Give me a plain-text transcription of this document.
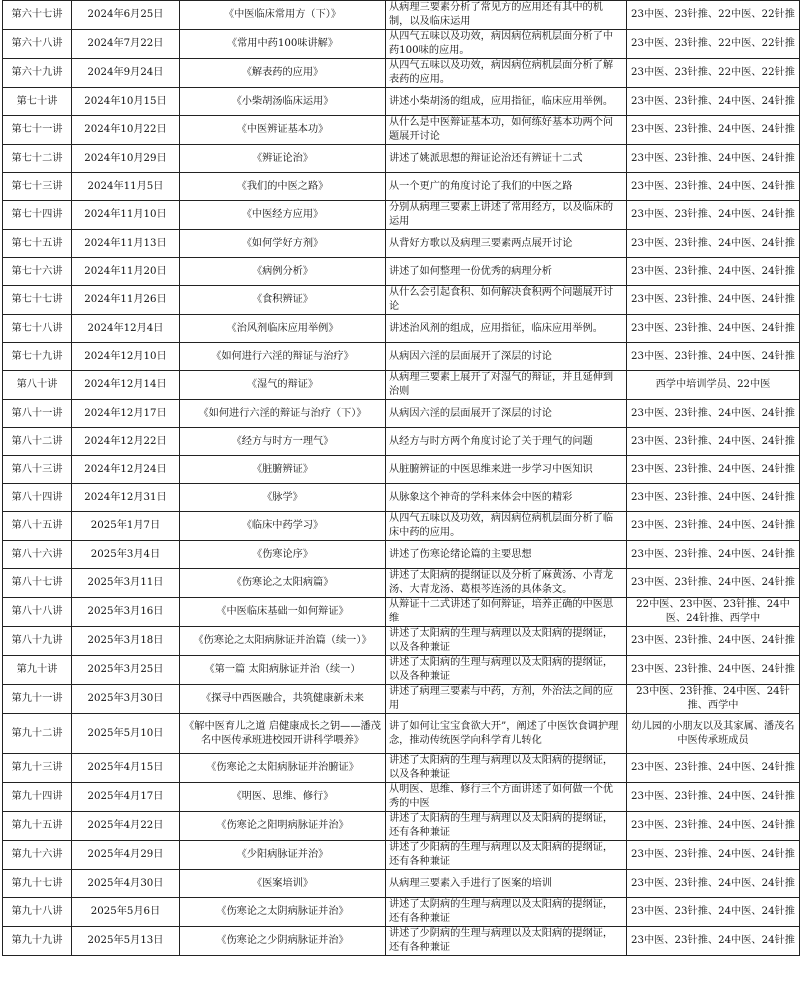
第六十七讲	2024年6月25日	《中医临床常用方（下）》	从病理三要素分析了常见方的应用还有其中的机制，以及临床运用	23中医、23针推、22中医、22针推
第六十八讲	2024年7月22日	《常用中药100味讲解》	从四气五味以及功效，病因病位病机层面分析了中药100味的应用。	23中医、23针推、22中医、22针推
第六十九讲	2024年9月24日	《解表药的应用》	从四气五味以及功效，病因病位病机层面分析了解表药的应用。	23中医、23针推、22中医、22针推
第七十讲	2024年10月15日	《小柴胡汤临床运用》	讲述小柴胡汤的组成，应用指征，临床应用举例。	23中医、23针推、24中医、24针推
第七十一讲	2024年10月22日	《中医辨证基本功》	从什么是中医辩证基本功，如何练好基本功两个问题展开讨论	23中医、23针推、24中医、24针推
第七十二讲	2024年10月29日	《辨证论治》	讲述了姚派思想的辩证论治还有辨证十二式	23中医、23针推、24中医、24针推
第七十三讲	2024年11月5日	《我们的中医之路》	从一个更广的角度讨论了我们的中医之路	23中医、23针推、24中医、24针推
第七十四讲	2024年11月10日	《中医经方应用》	分别从病理三要素上讲述了常用经方，以及临床的运用	23中医、23针推、24中医、24针推
第七十五讲	2024年11月13日	《如何学好方剂》	从背好方歌以及病理三要素两点展开讨论	23中医、23针推、24中医、24针推
第七十六讲	2024年11月20日	《病例分析》	讲述了如何整理一份优秀的病理分析	23中医、23针推、24中医、24针推
第七十七讲	2024年11月26日	《食积辨证》	从什么会引起食积、如何解决食积两个问题展开讨论	23中医、23针推、24中医、24针推
第七十八讲	2024年12月4日	《治风剂临床应用举例》	讲述治风剂的组成，应用指征，临床应用举例。	23中医、23针推、24中医、24针推
第七十九讲	2024年12月10日	《如何进行六淫的辩证与治疗》	从病因六淫的层面展开了深层的讨论	23中医、23针推、24中医、24针推
第八十讲	2024年12月14日	《湿气的辩证》	从病理三要素上展开了对湿气的辩证，并且延伸到治则	西学中培训学员、22中医
第八十一讲	2024年12月17日	《如何进行六淫的辩证与治疗（下）》	从病因六淫的层面展开了深层的讨论	23中医、23针推、24中医、24针推
第八十二讲	2024年12月22日	《经方与时方一理气》	从经方与时方两个角度讨论了关于理气的问题	23中医、23针推、24中医、24针推
第八十三讲	2024年12月24日	《脏腑辨证》	从脏腑辨证的中医思维来进一步学习中医知识	23中医、23针推、24中医、24针推
第八十四讲	2024年12月31日	《脉学》	从脉象这个神奇的学科来体会中医的精彩	23中医、23针推、24中医、24针推
第八十五讲	2025年1月7日	《临床中药学习》	从四气五味以及功效，病因病位病机层面分析了临床中药的应用。	23中医、23针推、24中医、24针推
第八十六讲	2025年3月4日	《伤寒论序》	讲述了伤寒论绪论篇的主要思想	23中医、23针推、24中医、24针推
第八十七讲	2025年3月11日	《伤寒论之太阳病篇》	讲述了太阳病的提纲证以及分析了麻黄汤、小青龙汤、大青龙汤、葛根芩连汤的具体条文。	23中医、23针推、24中医、24针推
第八十八讲	2025年3月16日	《中医临床基础一如何辩证》	从辩证十二式讲述了如何辩证，培养正确的中医思维	22中医、23中医、23针推、24中医、24针推、西学中
第八十九讲	2025年3月18日	《伤寒论之太阳病脉证并治篇（续一）》	讲述了太阳病的生理与病理以及太阳病的提纲证，以及各种兼证	23中医、23针推、24中医、24针推
第九十讲	2025年3月25日	《第一篇 太阳病脉证并治（续一）	讲述了太阳病的生理与病理以及太阳病的提纲证，以及各种兼证	23中医、23针推、24中医、24针推
第九十一讲	2025年3月30日	《探寻中西医融合，共筑健康新未来	讲述了病理三要素与中药，方剂，外治法之间的应用	23中医、23针推、24中医、24针推、西学中
第九十二讲	2025年5月10日	《解中医育儿之道 启健康成长之钥——潘茂名中医传承班进校园开讲科学喂养》	讲了如何让宝宝食欲大开”，阐述了中医饮食调护理念，推动传统医学向科学育儿转化	幼儿园的小朋友以及其家属、潘茂名中医传承班成员
第九十三讲	2025年4月15日	《伤寒论之太阳病脉证并治腑证》	讲述了太阳病的生理与病理以及太阳病的提纲证，以及各种兼证	23中医、23针推、24中医、24针推
第九十四讲	2025年4月17日	《明医、思维、修行》	从明医、思维、修行三个方面讲述了如何做一个优秀的中医	23中医、23针推、24中医、24针推
第九十五讲	2025年4月22日	《伤寒论之阳明病脉证并治》	讲述了太阳病的生理与病理以及太阳病的提纲证，还有各种兼证	23中医、23针推、24中医、24针推
第九十六讲	2025年4月29日	《少阳病脉证并治》	讲述了少阳病的生理与病理以及太阳病的提纲证，还有各种兼证	23中医、23针推、24中医、24针推
第九十七讲	2025年4月30日	《医案培训》	从病理三要素入手进行了医案的培训	23中医、23针推、24中医、24针推
第九十八讲	2025年5月6日	《伤寒论之太阴病脉证并治》	讲述了太阴病的生理与病理以及太阳病的提纲证，还有各种兼证	23中医、23针推、24中医、24针推
第九十九讲	2025年5月13日	《伤寒论之少阴病脉证并治》	讲述了少阴病的生理与病理以及太阳病的提纲证，还有各种兼证	23中医、23针推、24中医、24针推
